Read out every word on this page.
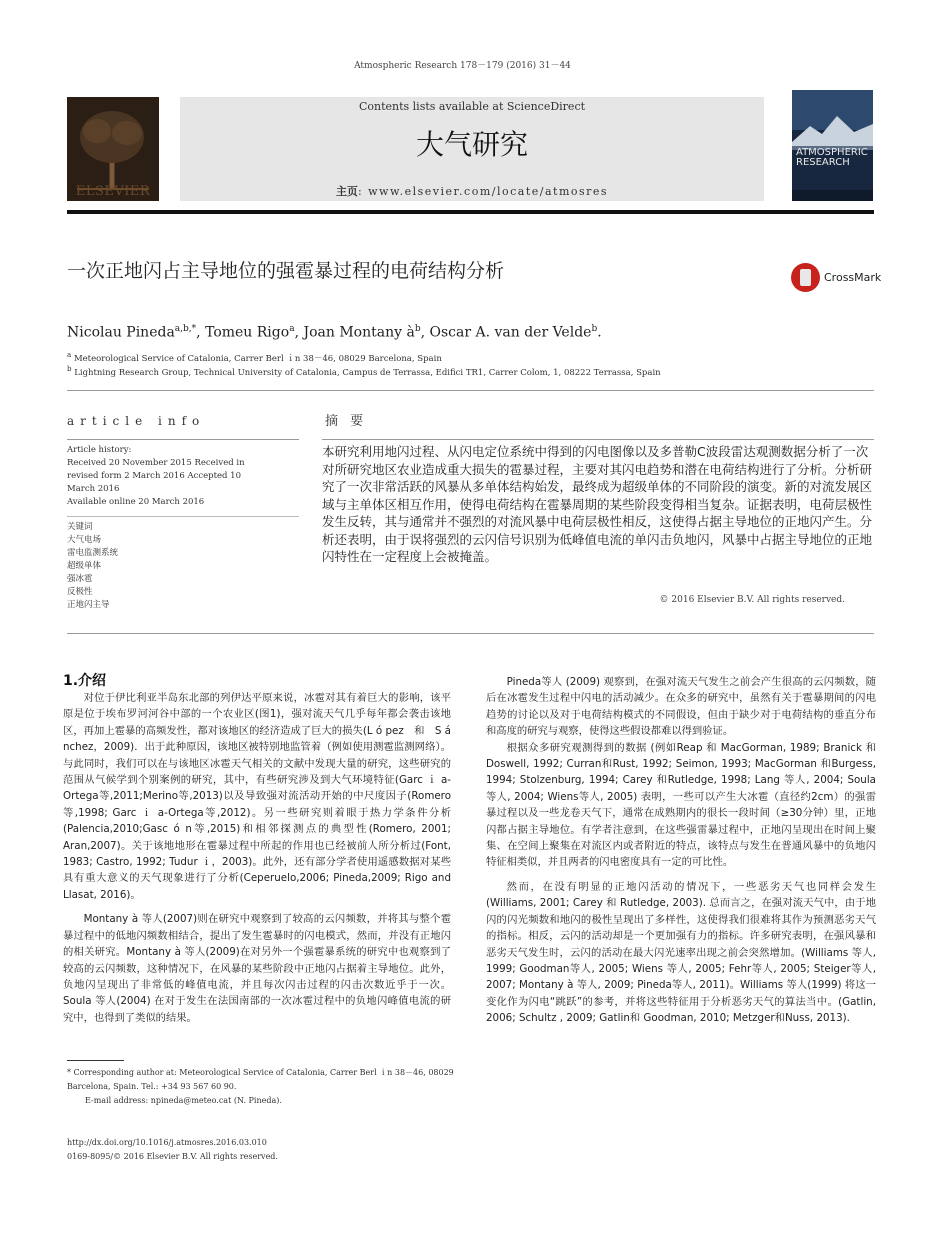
Atmospheric Research 178－179 (2016) 31－44
ELSEVIER
Contents lists available at ScienceDirect
大气研究
主页: www.elsevier.com/locate/atmosres
ATMOSPHERIC RESEARCH
一次正地闪占主导地位的强雹暴过程的电荷结构分析	CrossMark
Nicolau Pineda$^{a,b,*}$, Tomeu Rigo$^a$, Joan Montany $à^b$, Oscar A. van der Velde$^b$.
$^a$ Meteorological Service of Catalonia, Carrer Berl ｉn 38－46, 08029 Barcelona, Spain
$^b$ Lightning Research Group, Technical University of Catalonia, Campus de Terrassa, Edifici TR1, Carrer Colom, 1, 08222 Terrassa, Spain
article info	摘 要
Article history:
Received 20 November 2015 Received in
revised form 2 March 2016 Accepted 10
March 2016
Available online 20 March 2016
关键词
大气电场
雷电监测系统
超级单体
强冰雹
反极性
正地闪主导
本研究利用地闪过程、从闪电定位系统中得到的闪电图像以及多普勒C波段雷达观测数据分析了一次对所研究地区农业造成重大损失的雹暴过程，主要对其闪电趋势和潜在电荷结构进行了分析。分析研究了一次非常活跃的风暴从多单体结构始发，最终成为超级单体的不同阶段的演变。新的对流发展区域与主单体区相互作用，使得电荷结构在雹暴周期的某些阶段变得相当复杂。证据表明，电荷层极性发生反转，其与通常并不强烈的对流风暴中电荷层极性相反，这使得占据主导地位的正地闪产生。分析还表明，由于误将强烈的云闪信号识别为低峰值电流的单闪击负地闪，风暴中占据主导地位的正地闪特性在一定程度上会被掩盖。
© 2016 Elsevier B.V. All rights reserved.
1.介绍

对位于伊比利亚半岛东北部的列伊达平原来说，冰雹对其有着巨大的影响，该平原是位于埃布罗河河谷中部的一个农业区(图1)，强对流天气几乎每年都会袭击该地区，再加上雹暴的高频发性，都对该地区的经济造成了巨大的损失(L ó pez　和　S á nchez，2009)．出于此种原因，该地区被特别地监管着（例如使用测雹监测网络）。与此同时，我们可以在与该地区冰雹天气相关的文献中发现大量的研究，这些研究的范围从气候学到个别案例的研究，其中，有些研究涉及到大气环境特征(Garc ｉ a-Ortega等,2011;Merino等,2013)以及导致强对流活动开始的中尺度因子(Romero等,1998; Garc ｉ a-Ortega等,2012)。另一些研究则着眼于热力学条件分析(Palencia,2010;Gasc ó n等,2015)和相邻探测点的典型性(Romero, 2001; Aran,2007)。关于该地地形在雹暴过程中所起的作用也已经被前人所分析过(Font, 1983; Castro, 1992; Tudur ｉ，2003)。此外，还有部分学者使用遥感数据对某些具有重大意义的天气现象进行了分析(Ceperuelo,2006; Pineda,2009; Rigo and Llasat, 2016)。

Montany à 等人(2007)则在研究中观察到了较高的云闪频数，并将其与整个雹暴过程中的低地闪频数相结合，提出了发生雹暴时的闪电模式，然而，并没有正地闪的相关研究。Montany à 等人(2009)在对另外一个强雹暴系统的研究中也观察到了较高的云闪频数，这种情况下，在风暴的某些阶段中正地闪占据着主导地位。此外，负地闪呈现出了非常低的峰值电流，并且每次闪击过程的闪击次数近乎于一次。Soula 等人(2004) 在对于发生在法国南部的一次冰雹过程中的负地闪峰值电流的研究中，也得到了类似的结果。

Pineda等人 (2009) 观察到，在强对流天气发生之前会产生很高的云闪频数，随后在冰雹发生过程中闪电的活动减少。在众多的研究中，虽然有关于雹暴期间的闪电趋势的讨论以及对于电荷结构模式的不同假设，但由于缺少对于电荷结构的垂直分布和高度的研究与观察，使得这些假设都难以得到验证。

根据众多研究观测得到的数据 (例如Reap 和 MacGorman, 1989; Branick 和 Doswell, 1992; Curran和Rust, 1992; Seimon, 1993; MacGorman 和Burgess, 1994; Stolzenburg, 1994; Carey 和Rutledge, 1998; Lang 等人, 2004; Soula等人, 2004; Wiens等人, 2005) 表明，一些可以产生大冰雹（直径约2cm）的强雷暴过程以及一些龙卷天气下，通常在成熟期内的很长一段时间（≥30分钟）里，正地闪都占据主导地位。有学者注意到，在这些强雷暴过程中，正地闪呈现出在时间上聚集、在空间上聚集在对流区内或者附近的特点，该特点与发生在普通风暴中的负地闪特征相类似，并且两者的闪电密度具有一定的可比性。

然而，在没有明显的正地闪活动的情况下，一些恶劣天气也同样会发生(Williams, 2001; Carey 和 Rutledge, 2003). 总而言之，在强对流天气中，由于地闪的闪光频数和地闪的极性呈现出了多样性，这使得我们很难将其作为预测恶劣天气的指标。相反，云闪的活动却是一个更加强有力的指标。许多研究表明，在强风暴和恶劣天气发生时，云闪的活动在最大闪光速率出现之前会突然增加。(Williams 等人, 1999; Goodman等人, 2005; Wiens 等人, 2005; Fehr等人, 2005; Steiger等人, 2007; Montany à 等人, 2009; Pineda等人, 2011)。Williams 等人(1999) 将这一变化作为闪电“跳跃”的参考，并将这些特征用于分析恶劣天气的算法当中。(Gatlin, 2006; Schultz , 2009; Gatlin和 Goodman, 2010; Metzger和Nuss, 2013).

* Corresponding author at: Meteorological Service of Catalonia, Carrer Berl ｉn 38－46, 08029 Barcelona, Spain. Tel.: +34 93 567 60 90.

E-mail address: npineda@meteo.cat (N. Pineda).

http://dx.doi.org/10.1016/j.atmosres.2016.03.010
0169-8095/© 2016 Elsevier B.V. All rights reserved.
